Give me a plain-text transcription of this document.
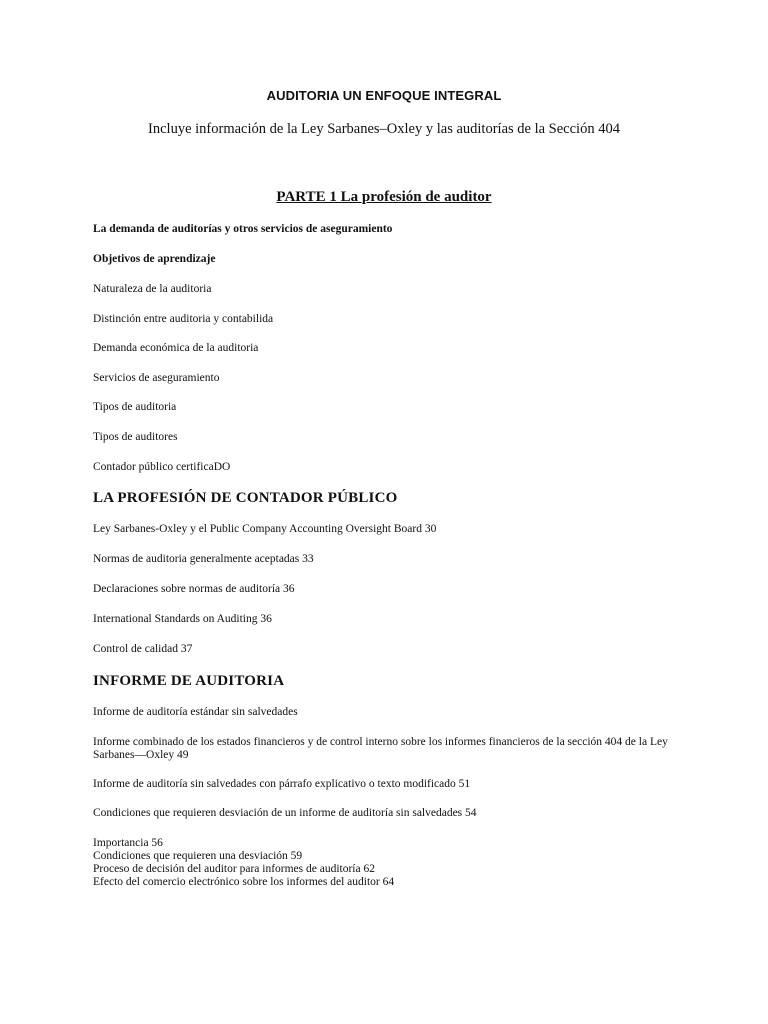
AUDITORIA UN ENFOQUE INTEGRAL
Incluye información de la Ley Sarbanes–Oxley y las auditorías de la Sección 404
PARTE 1 La profesión de auditor
La demanda de auditorías y otros servicios de aseguramiento
Objetivos de aprendizaje
Naturaleza de la auditoria
Distinción entre auditoria y contabilida
Demanda económica de la auditoria
Servicios de aseguramiento
Tipos de auditoria
Tipos de auditores
Contador público certificaDO
LA PROFESIÓN DE CONTADOR PÚBLICO
Ley Sarbanes-Oxley y el Public Company Accounting Oversight Board 30
Normas de auditoria generalmente aceptadas 33
Declaraciones sobre normas de auditoría 36
International Standards on Auditing 36
Control de calidad 37
INFORME DE AUDITORIA
Informe de auditoría estándar sin salvedades
Informe combinado de los estados financieros y de control interno sobre los informes financieros de la sección 404 de la Ley Sarbanes—Oxley 49
Informe de auditoría sin salvedades con párrafo explicativo o texto modificado 51
Condiciones que requieren desviación de un informe de auditoría sin salvedades 54
Importancia 56
Condiciones que requieren una desviación 59
Proceso de decisión del auditor para informes de auditoría 62
Efecto del comercio electrónico sobre los informes del auditor 64
